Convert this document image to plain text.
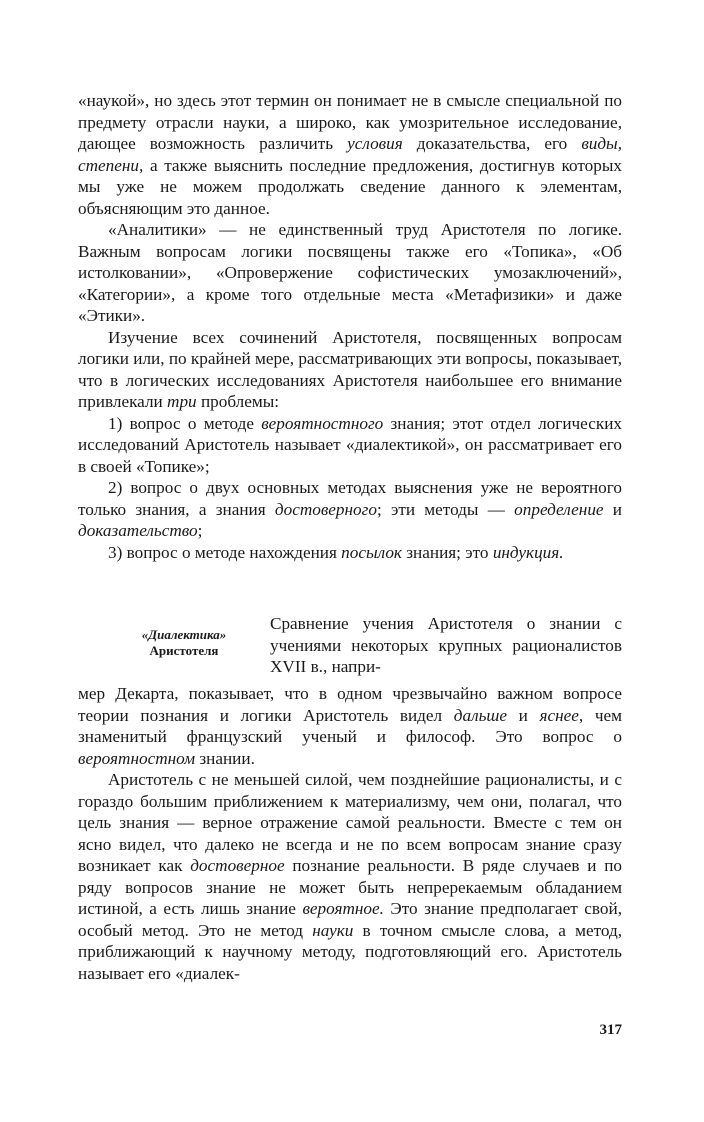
«наукой», но здесь этот термин он понимает не в смысле специальной по предмету отрасли науки, а широко, как умозрительное исследование, дающее возможность различить условия доказательства, его виды, степени, а также выяснить последние предложения, достигнув которых мы уже не можем продолжать сведение данного к элементам, объясняющим это данное.

«Аналитики» — не единственный труд Аристотеля по логике. Важным вопросам логики посвящены также его «Топика», «Об истолковании», «Опровержение софистических умозаключений», «Категории», а кроме того отдельные места «Метафизики» и даже «Этики».

Изучение всех сочинений Аристотеля, посвященных вопросам логики или, по крайней мере, рассматривающих эти вопросы, показывает, что в логических исследованиях Аристотеля наибольшее его внимание привлекали три проблемы:

1) вопрос о методе вероятностного знания; этот отдел логических исследований Аристотель называет «диалектикой», он рассматривает его в своей «Топике»;

2) вопрос о двух основных методах выяснения уже не вероятного только знания, а знания достоверного; эти методы — определение и доказательство;

3) вопрос о методе нахождения посылок знания; это индукция.

«Диалектика»
Аристотеля
Сравнение учения Аристотеля о знании с учениями некоторых крупных рационалистов XVII в., напри-

мер Декарта, показывает, что в одном чрезвычайно важном вопросе теории познания и логики Аристотель видел дальше и яснее, чем знаменитый французский ученый и философ. Это вопрос о вероятностном знании.

Аристотель с не меньшей силой, чем позднейшие рационалисты, и с гораздо большим приближением к материализму, чем они, полагал, что цель знания — верное отражение самой реальности. Вместе с тем он ясно видел, что далеко не всегда и не по всем вопросам знание сразу возникает как достоверное познание реальности. В ряде случаев и по ряду вопросов знание не может быть непререкаемым обладанием истиной, а есть лишь знание вероятное. Это знание предполагает свой, особый метод. Это не метод науки в точном смысле слова, а метод, приближающий к научному методу, подготовляющий его. Аристотель называет его «диалек-

317
